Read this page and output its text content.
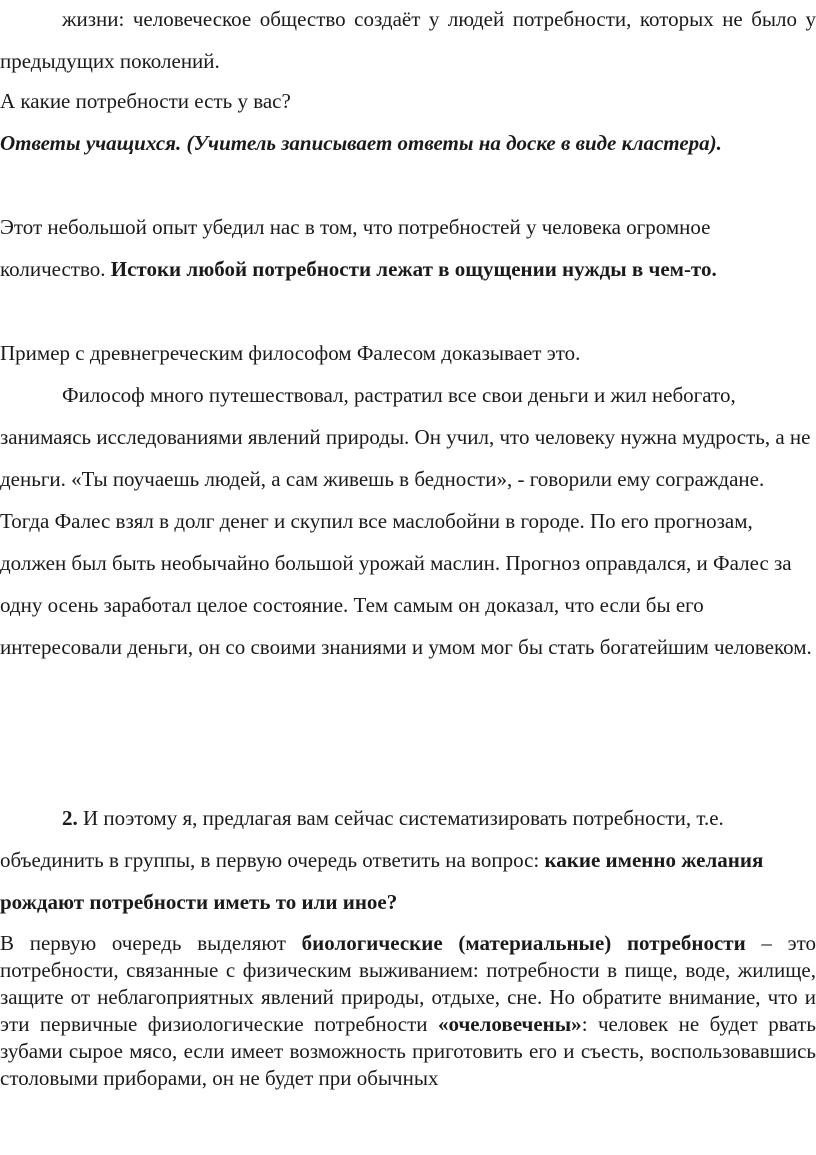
жизни: человеческое общество создаёт у людей потребности, которых не было у предыдущих поколений.

А какие потребности есть у вас?

Ответы учащихся. (Учитель записывает ответы на доске в виде кластера).

Этот небольшой опыт убедил нас в том, что потребностей у человека огромное количество. Истоки любой потребности лежат в ощущении нужды в чем-то.

Пример с древнегреческим философом Фалесом доказывает это.

Философ много путешествовал, растратил все свои деньги и жил небогато, занимаясь исследованиями явлений природы. Он учил, что человеку нужна мудрость, а не деньги. «Ты поучаешь людей, а сам живешь в бедности», - говорили ему сограждане. Тогда Фалес взял в долг денег и скупил все маслобойни в городе. По его прогнозам, должен был быть необычайно большой урожай маслин. Прогноз оправдался, и Фалес за одну осень заработал целое состояние. Тем самым он доказал, что если бы его интересовали деньги, он со своими знаниями и умом мог бы стать богатейшим человеком.

2. И поэтому я, предлагая вам сейчас систематизировать потребности, т.е. объединить в группы, в первую очередь ответить на вопрос: какие именно желания рождают потребности иметь то или иное?

В первую очередь выделяют биологические (материальные) потребности – это потребности, связанные с физическим выживанием: потребности в пище, воде, жилище, защите от неблагоприятных явлений природы, отдыхе, сне. Но обратите внимание, что и эти первичные физиологические потребности «очеловечены»: человек не будет рвать зубами сырое мясо, если имеет возможность приготовить его и съесть, воспользовавшись столовыми приборами, он не будет при обычных
